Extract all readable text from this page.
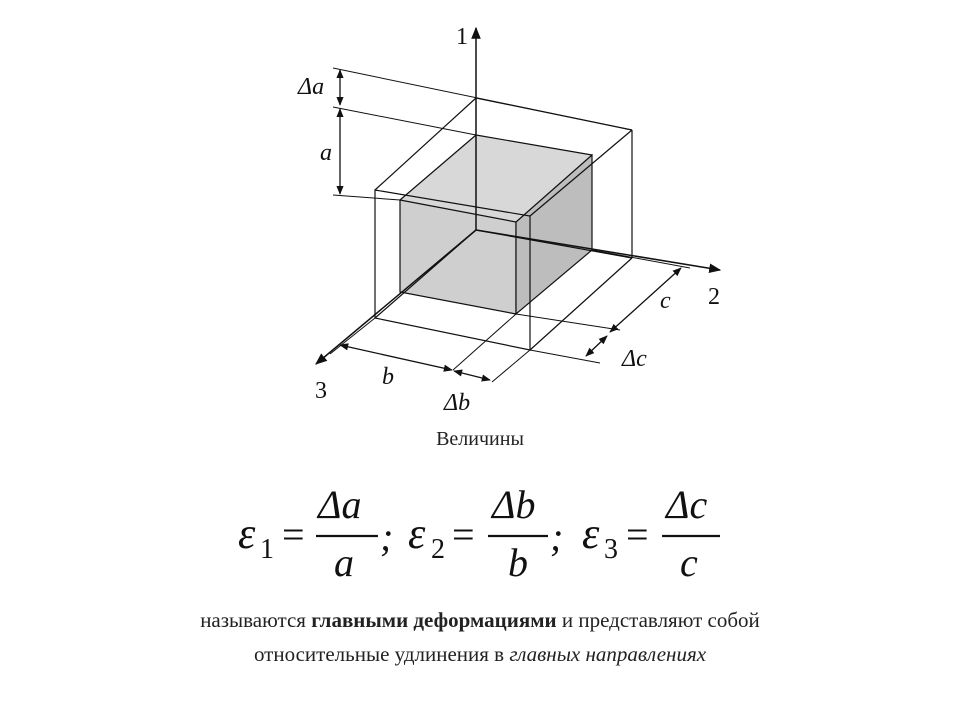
1
2
3
Δa
a
b
Δb
c
Δc
Величины
ε 1 =
Δa
a
; ε 2 =
Δb
b
; ε 3 =
Δc
c
называются главными деформациями и представляют собой
относительные удлинения в главных направлениях
